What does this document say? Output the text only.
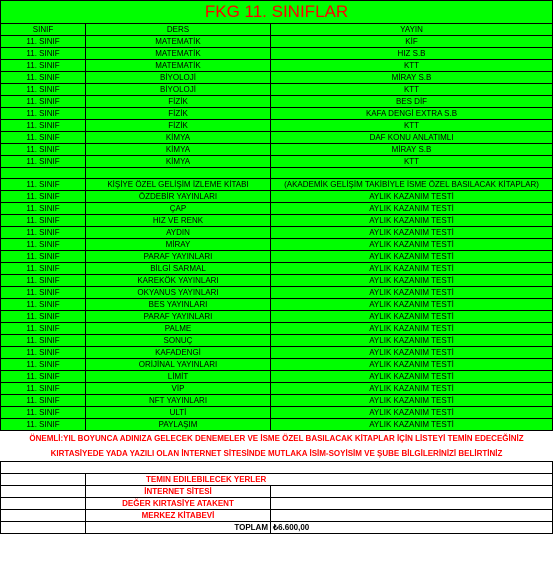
FKG 11. SINIFLAR		
SINIF	DERS	YAYIN
11. SINIF	MATEMATİK	KİF
11. SINIF	MATEMATİK	HIZ S.B
11. SINIF	MATEMATİK	KTT
11. SINIF	BİYOLOJİ	MİRAY S.B
11. SINIF	BİYOLOJİ	KTT
11. SINIF	FİZİK	BES DİF
11. SINIF	FİZİK	KAFA DENGİ EXTRA S.B
11. SINIF	FİZİK	KTT
11. SINIF	KİMYA	DAF KONU ANLATIMLI
11. SINIF	KİMYA	MİRAY S.B
11. SINIF	KİMYA	KTT

11. SINIF	KİŞİYE ÖZEL GELİŞİM İZLEME KİTABI	(AKADEMİK GELİŞİM TAKİBİYLE İSME ÖZEL BASILACAK KİTAPLAR)
11. SINIF	ÖZDEBİR YAYINLARI	AYLIK KAZANIM TESTİ
11. SINIF	ÇAP	AYLIK KAZANIM TESTİ
11. SINIF	HIZ VE RENK	AYLIK KAZANIM TESTİ
11. SINIF	AYDIN	AYLIK KAZANIM TESTİ
11. SINIF	MİRAY	AYLIK KAZANIM TESTİ
11. SINIF	PARAF YAYINLARI	AYLIK KAZANIM TESTİ
11. SINIF	BİLGİ SARMAL	AYLIK KAZANIM TESTİ
11. SINIF	KAREKÖK YAYINLARI	AYLIK KAZANIM TESTİ
11. SINIF	OKYANUS YAYINLARI	AYLIK KAZANIM TESTİ
11. SINIF	BES YAYINLARI	AYLIK KAZANIM TESTİ
11. SINIF	PARAF YAYINLARI	AYLIK KAZANIM TESTİ
11. SINIF	PALME	AYLIK KAZANIM TESTİ
11. SINIF	SONUÇ	AYLIK KAZANIM TESTİ
11. SINIF	KAFADENGİ	AYLIK KAZANIM TESTİ
11. SINIF	ORİJİNAL YAYINLARI	AYLIK KAZANIM TESTİ
11. SINIF	LİMİT	AYLIK KAZANIM TESTİ
11. SINIF	VİP	AYLIK KAZANIM TESTİ
11. SINIF	NFT YAYINLARI	AYLIK KAZANIM TESTİ
11. SINIF	ULTİ	AYLIK KAZANIM TESTİ
11. SINIF	PAYLAŞIM	AYLIK KAZANIM TESTİ
ÖNEMLİ:YIL BOYUNCA ADINIZA GELECEK DENEMELER VE İSME ÖZEL BASILACAK KİTAPLAR İÇİN LİSTEYİ TEMİN EDECEĞİNİZ		
KIRTASİYEDE YADA YAZILI OLAN İNTERNET SİTESİNDE MUTLAKA İSİM-SOYİSİM VE ŞUBE BİLGİLERİNİZİ BELİRTİNİZ		

	TEMIN EDILEBILECEK YERLER	
	İNTERNET SİTESİ	
	DEĞER KIRTASİYE ATAKENT	
	MERKEZ KİTABEVİ	
	TOPLAM	₺6.600,00
